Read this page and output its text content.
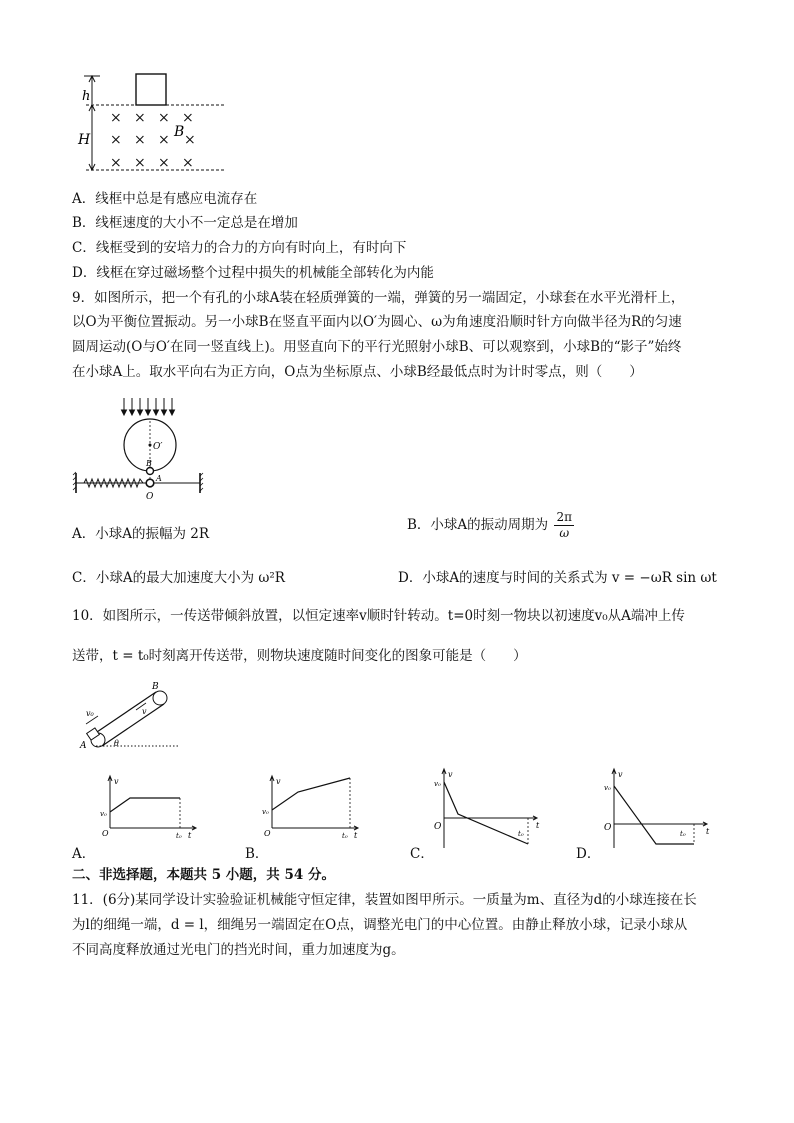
h
H
× × × ×
× × × ×
× × × ×
B
A．线框中总是有感应电流存在
B．线框速度的大小不一定总是在增加
C．线框受到的安培力的合力的方向有时向上，有时向下
D．线框在穿过磁场整个过程中损失的机械能全部转化为内能
9．如图所示，把一个有孔的小球A装在轻质弹簧的一端，弹簧的另一端固定，小球套在水平光滑杆上，
以O为平衡位置振动。另一小球B在竖直平面内以O′为圆心、ω为角速度沿顺时针方向做半径为R的匀速
圆周运动(O与O′在同一竖直线上)。用竖直向下的平行光照射小球B、可以观察到，小球B的“影子”始终
在小球A上。取水平向右为正方向，O点为坐标原点、小球B经最低点时为计时零点，则（　　）
O′
B
A
O
A．小球A的振幅为 2R
B．小球A的振动周期为 $\frac{2\pi}{\omega}$
C．小球A的最大加速度大小为 ω²R	D．小球A的速度与时间的关系式为 v = −ωR sin ωt
10．如图所示，一传送带倾斜放置，以恒定速率v顺时针转动。t=0时刻一物块以初速度v₀从A端冲上传
送带，t = t₀时刻离开传送带，则物块速度随时间变化的图象可能是（　　）
v₀	v
B
A	θ
v
t
O
v₀
t₀
A．
v
t
O
v₀
t₀
v
t
O
v₀
t₀
v
t
O
v₀
t₀
B．	C．	D．
二、非选择题，本题共 5 小题，共 54 分。
11．(6分)某同学设计实验验证机械能守恒定律，装置如图甲所示。一质量为m、直径为d的小球连接在长
为l的细绳一端，d = l，细绳另一端固定在O点，调整光电门的中心位置。由静止释放小球，记录小球从
不同高度释放通过光电门的挡光时间，重力加速度为g。
